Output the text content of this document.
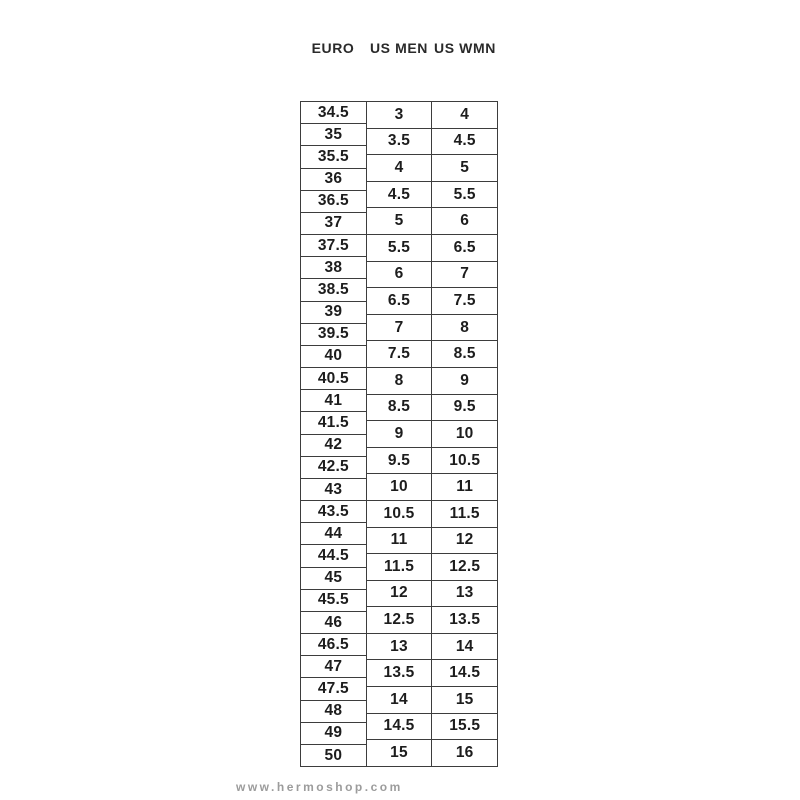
EURO	US MEN US WMN
34.5
35
35.5
36
36.5
37
37.5
38
38.5
39
39.5
40
40.5
41
41.5
42
42.5
43
43.5
44
44.5
45
45.5
46
46.5
47
47.5
48
49
50
3
3.5
4
4.5
5
5.5
6
6.5
7
7.5
8
8.5
9
9.5
10
10.5
11
11.5
12
12.5
13
13.5
14
14.5
15
4
4.5
5
5.5
6
6.5
7
7.5
8
8.5
9
9.5
10
10.5
11
11.5
12
12.5
13
13.5
14
14.5
15
15.5
16
www.hermoshop.com
